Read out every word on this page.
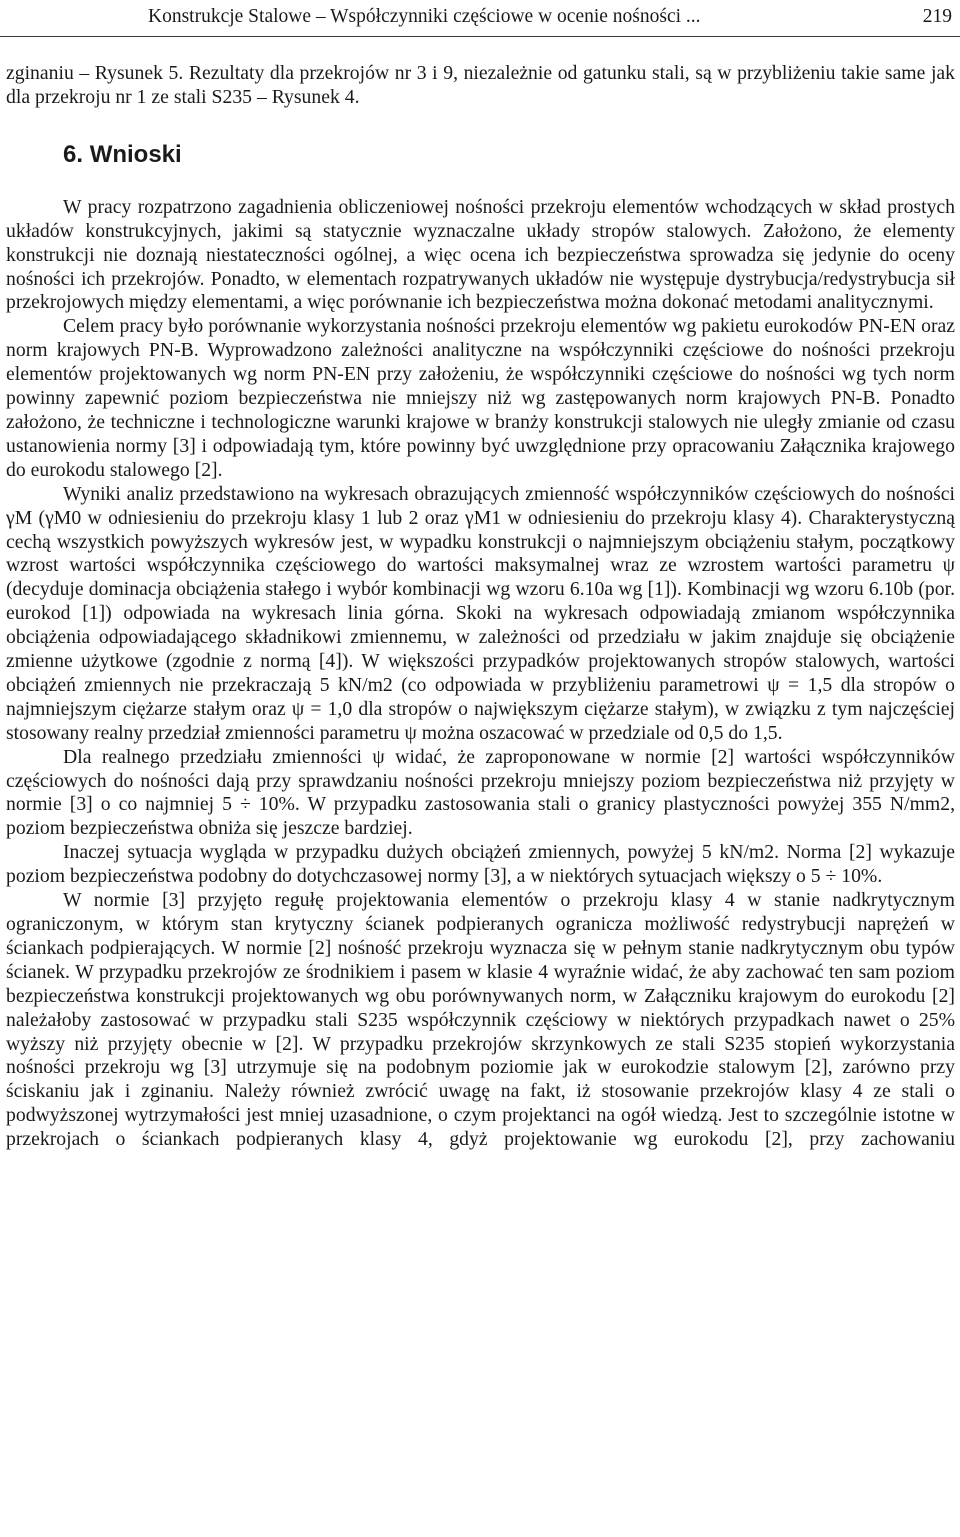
Konstrukcje Stalowe – Współczynniki częściowe w ocenie nośności ...	219

zginaniu – Rysunek 5. Rezultaty dla przekrojów nr 3 i 9, niezależnie od gatunku stali, są w przybliżeniu takie same jak dla przekroju nr 1 ze stali S235 – Rysunek 4.

6. Wnioski

W pracy rozpatrzono zagadnienia obliczeniowej nośności przekroju elementów wchodzących w skład prostych układów konstrukcyjnych, jakimi są statycznie wyznaczalne układy stropów stalowych. Założono, że elementy konstrukcji nie doznają niestateczności ogólnej, a więc ocena ich bezpieczeństwa sprowadza się jedynie do oceny nośności ich przekrojów. Ponadto, w elementach rozpatrywanych układów nie występuje dystrybucja/redystrybucja sił przekrojowych między elementami, a więc porównanie ich bezpieczeństwa można dokonać metodami analitycznymi.

Celem pracy było porównanie wykorzystania nośności przekroju elementów wg pakietu eurokodów PN-EN oraz norm krajowych PN-B. Wyprowadzono zależności analityczne na współczynniki częściowe do nośności przekroju elementów projektowanych wg norm PN-EN przy założeniu, że współczynniki częściowe do nośności wg tych norm powinny zapewnić poziom bezpieczeństwa nie mniejszy niż wg zastępowanych norm krajowych PN-B. Ponadto założono, że techniczne i technologiczne warunki krajowe w branży konstrukcji stalowych nie uległy zmianie od czasu ustanowienia normy [3] i odpowiadają tym, które powinny być uwzględnione przy opracowaniu Załącznika krajowego do eurokodu stalowego [2].

Wyniki analiz przedstawiono na wykresach obrazujących zmienność współczynników częściowych do nośności γM (γM0 w odniesieniu do przekroju klasy 1 lub 2 oraz γM1 w odniesieniu do przekroju klasy 4). Charakterystyczną cechą wszystkich powyższych wykresów jest, w wypadku konstrukcji o najmniejszym obciążeniu stałym, początkowy wzrost wartości współczynnika częściowego do wartości maksymalnej wraz ze wzrostem wartości parametru ψ (decyduje dominacja obciążenia stałego i wybór kombinacji wg wzoru 6.10a wg [1]). Kombinacji wg wzoru 6.10b (por. eurokod [1]) odpowiada na wykresach linia górna. Skoki na wykresach odpowiadają zmianom współczynnika obciążenia odpowiadającego składnikowi zmiennemu, w zależności od przedziału w jakim znajduje się obciążenie zmienne użytkowe (zgodnie z normą [4]). W większości przypadków projektowanych stropów stalowych, wartości obciążeń zmiennych nie przekraczają 5 kN/m2 (co odpowiada w przybliżeniu parametrowi ψ = 1,5 dla stropów o najmniejszym ciężarze stałym oraz ψ = 1,0 dla stropów o największym ciężarze stałym), w związku z tym najczęściej stosowany realny przedział zmienności parametru ψ można oszacować w przedziale od 0,5 do 1,5.

Dla realnego przedziału zmienności ψ widać, że zaproponowane w normie [2] wartości współczynników częściowych do nośności dają przy sprawdzaniu nośności przekroju mniejszy poziom bezpieczeństwa niż przyjęty w normie [3] o co najmniej 5 ÷ 10%. W przypadku zastosowania stali o granicy plastyczności powyżej 355 N/mm2, poziom bezpieczeństwa obniża się jeszcze bardziej.

Inaczej sytuacja wygląda w przypadku dużych obciążeń zmiennych, powyżej 5 kN/m2. Norma [2] wykazuje poziom bezpieczeństwa podobny do dotychczasowej normy [3], a w niektórych sytuacjach większy o 5 ÷ 10%.

W normie [3] przyjęto regułę projektowania elementów o przekroju klasy 4 w stanie nadkrytycznym ograniczonym, w którym stan krytyczny ścianek podpieranych ogranicza możliwość redystrybucji naprężeń w ściankach podpierających. W normie [2] nośność przekroju wyznacza się w pełnym stanie nadkrytycznym obu typów ścianek. W przypadku przekrojów ze środnikiem i pasem w klasie 4 wyraźnie widać, że aby zachować ten sam poziom bezpieczeństwa konstrukcji projektowanych wg obu porównywanych norm, w Załączniku krajowym do eurokodu [2] należałoby zastosować w przypadku stali S235 współczynnik częściowy w niektórych przypadkach nawet o 25% wyższy niż przyjęty obecnie w [2]. W przypadku przekrojów skrzynkowych ze stali S235 stopień wykorzystania nośności przekroju wg [3] utrzymuje się na podobnym poziomie jak w eurokodzie stalowym [2], zarówno przy ściskaniu jak i zginaniu. Należy również zwrócić uwagę na fakt, iż stosowanie przekrojów klasy 4 ze stali o podwyższonej wytrzymałości jest mniej uzasadnione, o czym projektanci na ogół wiedzą. Jest to szczególnie istotne w przekrojach o ściankach podpieranych klasy 4, gdyż projektowanie wg eurokodu [2], przy zachowaniu
